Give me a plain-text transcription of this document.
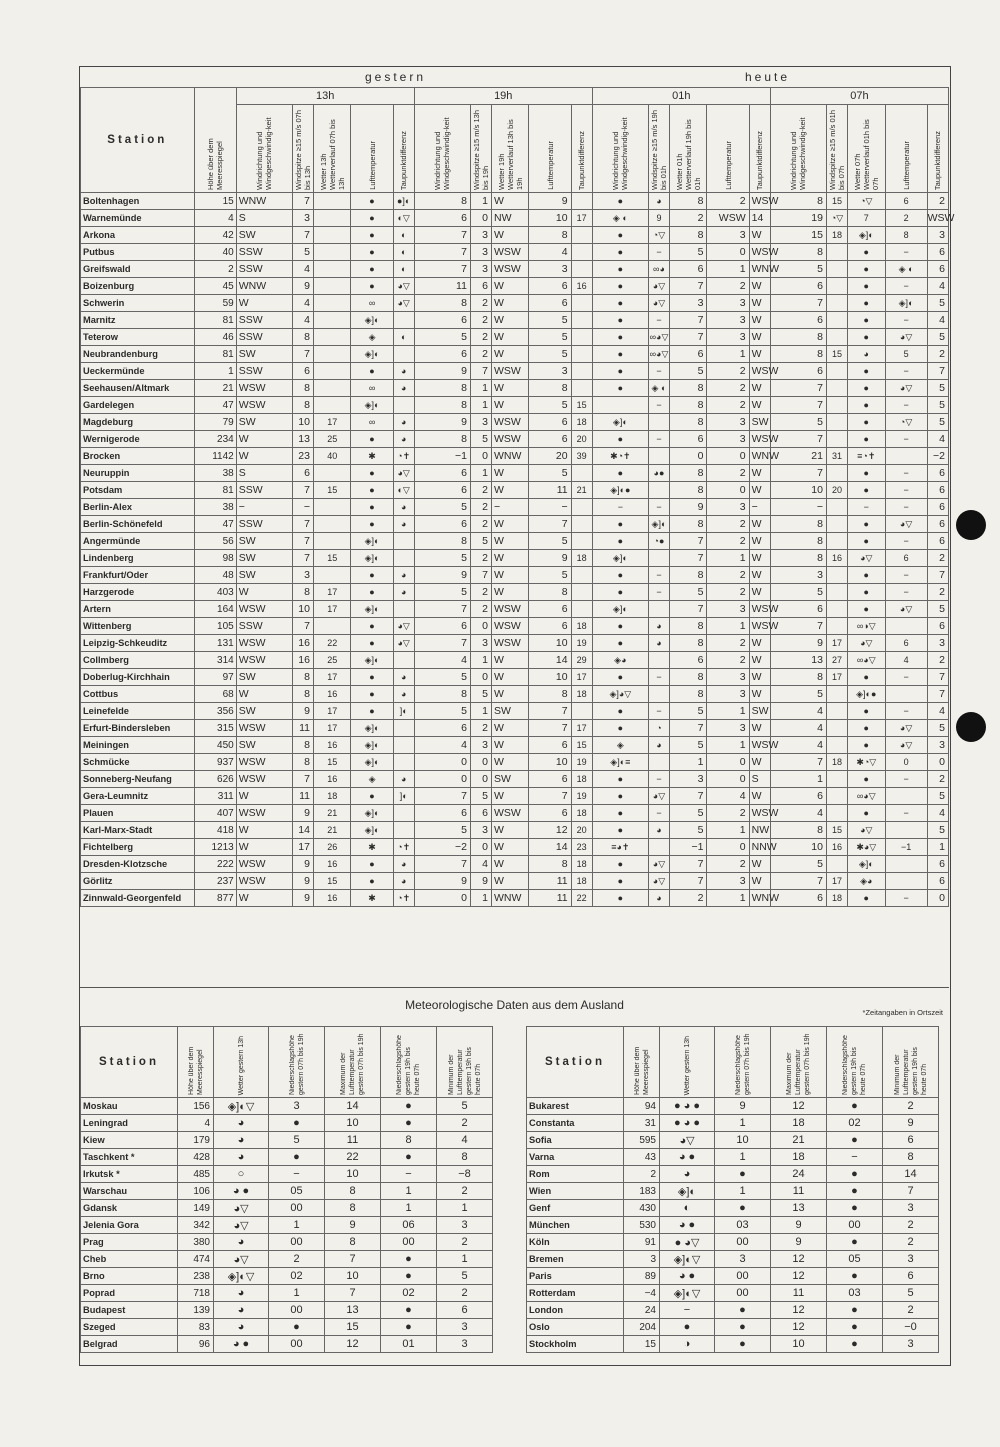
gestern	heute
Station	Höhe über dem Meeresspiegel	13h					19h					01h					07h				

		Windrichtung und Windgeschwindig-keit	Windspitze ≥15 m/s 07h bis 13h	Wetter 13h Wetterverlauf 07h bis 13h	Lufttemperatur	Taupunktdifferenz	Windrichtung und Windgeschwindig-keit	Windspitze ≥15 m/s 13h bis 19h	Wetter 19h Wetterverlauf 13h bis 19h	Lufttemperatur	Taupunktdifferenz	Windrichtung und Windgeschwindig-keit	Windspitze ≥15 m/s 19h bis 01h	Wetter 01h Wetterverlauf 19h bis 01h	Lufttemperatur	Taupunktdifferenz	Windrichtung und Windgeschwindig-keit	Windspitze ≥15 m/s 01h bis 07h	Wetter 07h Wetterverlauf 01h bis 07h	Lufttemperatur	Taupunktdifferenz

Boltenhagen	15	WNW	7		●	●]◐	8	1	W	9		●	◕	8	2	WSW	8	15	◔▽	6	2
Warnemünde	4	S	3		●	◐▽	6	0	NW	10	17	◈ ◐	9	2	WSW	14	19	◔▽	7	2	WSW
Arkona	42	SW	7		●	◐	7	3	W	8		●	◔▽	8	3	W	15	18	◈]◐	8	3
Putbus	40	SSW	5		●	◐	7	3	WSW	4		●	−	5	0	WSW	8		●	−	6
Greifswald	2	SSW	4		●	◐	7	3	WSW	3		●	∞◕	6	1	WNW	5		●	◈ ◐	6
Boizenburg	45	WNW	9		●	◕▽	11	6	W	6	16	●	◕▽	7	2	W	6		●	−	4
Schwerin	59	W	4		∞	◕▽	8	2	W	6		●	◕▽	3	3	W	7		●	◈]◐	5
Marnitz	81	SSW	4		◈]◐		6	2	W	5		●	−	7	3	W	6		●	−	4
Teterow	46	SSW	8		◈	◐	5	2	W	5		●	∞◕▽	7	3	W	8		●	◕▽	5
Neubrandenburg	81	SW	7		◈]◐		6	2	W	5		●	∞◕▽	6	1	W	8	15	◕	5	2
Ueckermünde	1	SSW	6		●	◕	9	7	WSW	3		●	−	5	2	WSW	6		●	−	7
Seehausen/Altmark	21	WSW	8		∞	◕	8	1	W	8		●	◈ ◐	8	2	W	7		●	◕▽	5
Gardelegen	47	WSW	8		◈]◐		8	1	W	5	15		−	8	2	W	7		●	−	5
Magdeburg	79	SW	10	17	∞	◕	9	3	WSW	6	18	◈]◐		8	3	SW	5		●	◔▽	5
Wernigerode	234	W	13	25	●	◕	8	5	WSW	6	20	●	−	6	3	WSW	7		●	−	4
Brocken	1142	W	23	40	✱	◔✝	−1	0	WNW	20	39	✱◔✝		0	0	WNW	21	31	≡◔✝		−2
Neuruppin	38	S	6		●	◕▽	6	1	W	5		●	◕●	8	2	W	7		●	−	6
Potsdam	81	SSW	7	15	●	◐▽	6	2	W	11	21	◈]◐●		8	0	W	10	20	●	−	6
Berlin-Alex	38	−	−		●	◕	5	2	−	−		−	−	9	3	−	−		−	−	6
Berlin-Schönefeld	47	SSW	7		●	◕	6	2	W	7		●	◈]◐	8	2	W	8		●	◕▽	6
Angermünde	56	SW	7		◈]◐		8	5	W	5		●	◔●	7	2	W	8		●	−	6
Lindenberg	98	SW	7	15	◈]◐		5	2	W	9	18	◈]◐		7	1	W	8	16	◕▽	6	2
Frankfurt/Oder	48	SW	3		●	◕	9	7	W	5		●	−	8	2	W	3		●	−	7
Harzgerode	403	W	8	17	●	◕	5	2	W	8		●	−	5	2	W	5		●	−	2
Artern	164	WSW	10	17	◈]◐		7	2	WSW	6		◈]◐		7	3	WSW	6		●	◕▽	5
Wittenberg	105	SSW	7		●	◕▽	6	0	WSW	6	18	●	◕	8	1	WSW	7		∞◑▽		6
Leipzig-Schkeuditz	131	WSW	16	22	●	◕▽	7	3	WSW	10	19	●	◕	8	2	W	9	17	◕▽	6	3
Collmberg	314	WSW	16	25	◈]◐		4	1	W	14	29	◈◕		6	2	W	13	27	∞◕▽	4	2
Doberlug-Kirchhain	97	SW	8	17	●	◕	5	0	W	10	17	●	−	8	3	W	8	17	●	−	7
Cottbus	68	W	8	16	●	◕	8	5	W	8	18	◈]◕▽		8	3	W	5		◈]◐●		7
Leinefelde	356	SW	9	17	●	]◐	5	1	SW	7		●	−	5	1	SW	4		●	−	4
Erfurt-Bindersleben	315	WSW	11	17	◈]◐		6	2	W	7	17	●	◔	7	3	W	4		●	◕▽	5
Meiningen	450	SW	8	16	◈]◐		4	3	W	6	15	◈	◕	5	1	WSW	4		●	◕▽	3
Schmücke	937	WSW	8	15	◈]◐		0	0	W	10	19	◈]◐≡		1	0	W	7	18	✱◔▽	0	0
Sonneberg-Neufang	626	WSW	7	16	◈	◕	0	0	SW	6	18	●	−	3	0	S	1		●	−	2
Gera-Leumnitz	311	W	11	18	●	]◐	7	5	W	7	19	●	◕▽	7	4	W	6		∞◕▽		5
Plauen	407	WSW	9	21	◈]◐		6	6	WSW	6	18	●	−	5	2	WSW	4		●	−	4
Karl-Marx-Stadt	418	W	14	21	◈]◐		5	3	W	12	20	●	◕	5	1	NW	8	15	◕▽		5
Fichtelberg	1213	W	17	26	✱	◔✝	−2	0	W	14	23	≡◕✝		−1	0	NNW	10	16	✱◕▽	−1	1
Dresden-Klotzsche	222	WSW	9	16	●	◕	7	4	W	8	18	●	◕▽	7	2	W	5		◈]◐		6
Görlitz	237	WSW	9	15	●	◕	9	9	W	11	18	●	◕▽	7	3	W	7	17	◈◕		6
Zinnwald-Georgenfeld	877	W	9	16	✱	◔✝	0	1	WNW	11	22	●	◕	2	1	WNW	6	18	●	−	0
Meteorologische Daten aus dem Ausland
*Zeitangaben in Ortszeit
Station	Höhe über dem Meeresspiegel	Wetter gestern 13h	Niederschlagshöhe gestern 07h bis 19h	Maximum der Lufttemperatur gestern 07h bis 19h	Niederschlagshöhe gestern 19h bis heute 07h	Minimum der Lufttemperatur gestern 19h bis heute 07h

Moskau	156	◈]◐▽	3	14	●	5
Leningrad	4	◕	●	10	●	2
Kiew	179	◕	5	11	8	4
Taschkent *	428	◕	●	22	●	8
Irkutsk *	485	○	−	10	−	−8
Warschau	106	◕ ●	05	8	1	2
Gdansk	149	◕▽	00	8	1	1
Jelenia Gora	342	◕▽	1	9	06	3
Prag	380	◕	00	8	00	2
Cheb	474	◕▽	2	7	●	1
Brno	238	◈]◐▽	02	10	●	5
Poprad	718	◕	1	7	02	2
Budapest	139	◕	00	13	●	6
Szeged	83	◕	●	15	●	3
Belgrad	96	◕ ●	00	12	01	3
Station	Höhe über dem Meeresspiegel	Wetter gestern 13h	Niederschlagshöhe gestern 07h bis 19h	Maximum der Lufttemperatur gestern 07h bis 19h	Niederschlagshöhe gestern 19h bis heute 07h	Minimum der Lufttemperatur gestern 19h bis heute 07h

Bukarest	94	● ◕ ●	9	12	●	2
Constanta	31	● ◕ ●	1	18	02	9
Sofia	595	◕▽	10	21	●	6
Varna	43	◕ ●	1	18	−	8
Rom	2	◕	●	24	●	14
Wien	183	◈]◐	1	11	●	7
Genf	430	◐	●	13	●	3
München	530	◕ ●	03	9	00	2
Köln	91	● ◕▽	00	9	●	2
Bremen	3	◈]◐▽	3	12	05	3
Paris	89	◕ ●	00	12	●	6
Rotterdam	−4	◈]◐▽	00	11	03	5
London	24	−	●	12	●	2
Oslo	204	●	●	12	●	−0
Stockholm	15	◑	●	10	●	3
